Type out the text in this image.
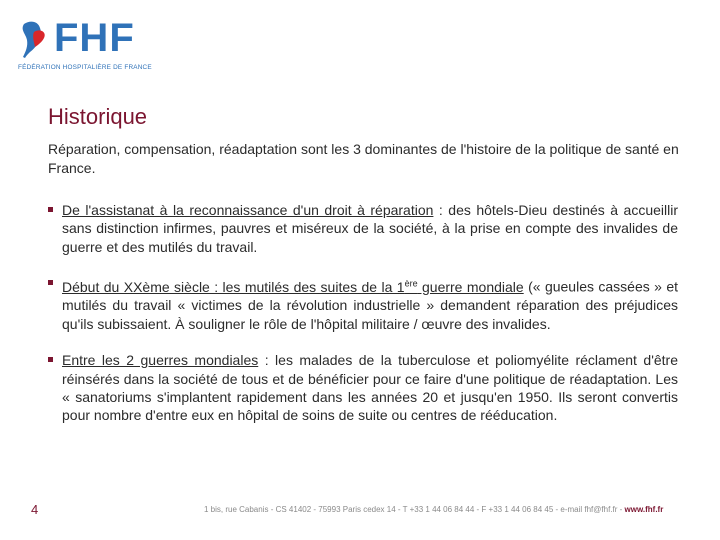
FHF
FÉDÉRATION HOSPITALIÈRE DE FRANCE
Historique
Réparation, compensation, réadaptation sont les 3 dominantes de l'histoire de la politique de santé en France.
De l'assistanat à la reconnaissance d'un droit à réparation : des hôtels-Dieu destinés à accueillir sans distinction infirmes, pauvres et miséreux de la société, à la prise en compte des invalides de guerre et des mutilés du travail.
Début du XXème siècle : les mutilés des suites de la 1ère guerre mondiale (« gueules cassées » et mutilés du travail « victimes de la révolution industrielle » demandent réparation des préjudices qu'ils subissaient. À souligner le rôle de l'hôpital militaire / œuvre des invalides.
Entre les 2 guerres mondiales : les malades de la tuberculose et poliomyélite réclament d'être réinsérés dans la société de tous et de bénéficier pour ce faire d'une politique de réadaptation. Les « sanatoriums s'implantent rapidement dans les années 20 et jusqu'en 1950. Ils seront convertis pour nombre d'entre eux en hôpital de soins de suite ou centres de rééducation.
4	1 bis, rue Cabanis - CS 41402 - 75993 Paris cedex 14 - T +33 1 44 06 84 44 - F +33 1 44 06 84 45 - e-mail fhf@fhf.fr - www.fhf.fr
